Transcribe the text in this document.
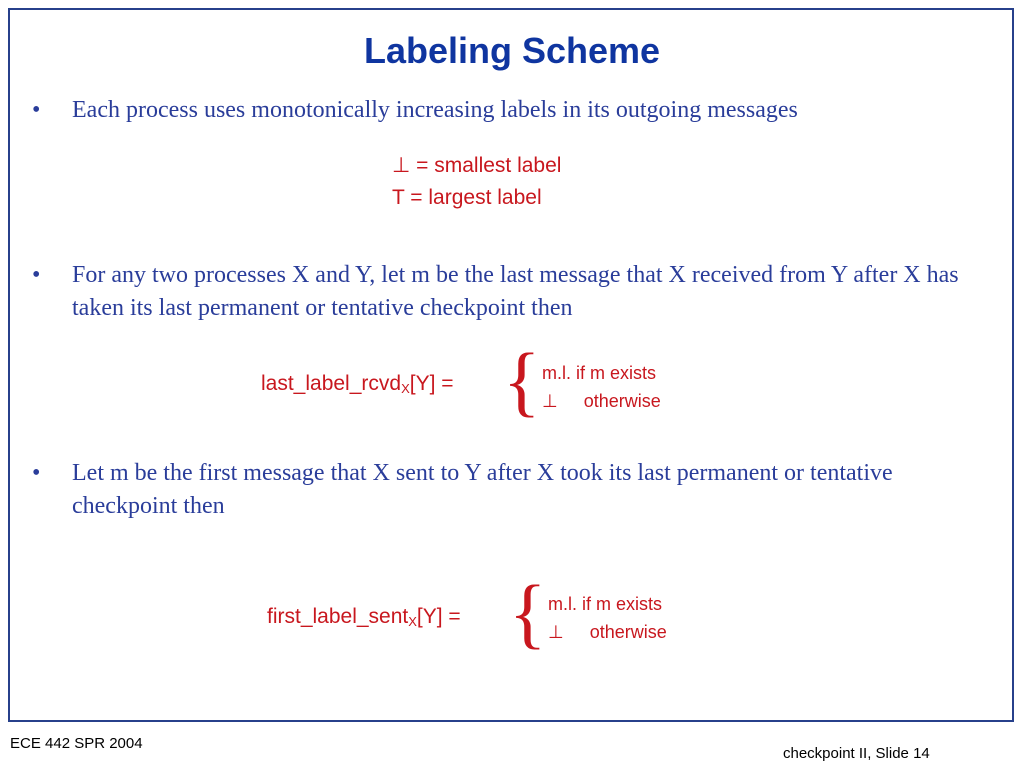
Labeling Scheme
• Each process uses monotonically increasing labels in its outgoing messages
⊥ = smallest label
T = largest label
• For any two processes X and Y, let m be the last message that X received from Y after X has taken its last permanent or tentative checkpoint then
last_label_rcvd$_X$[Y] = { m.l. if m exists
⊥ otherwise
• Let m be the first message that X sent to Y after X took its last permanent or tentative checkpoint then
first_label_sent$_X$[Y] = { m.l. if m exists
⊥ otherwise
ECE 442 SPR 2004
checkpoint II, Slide 14
